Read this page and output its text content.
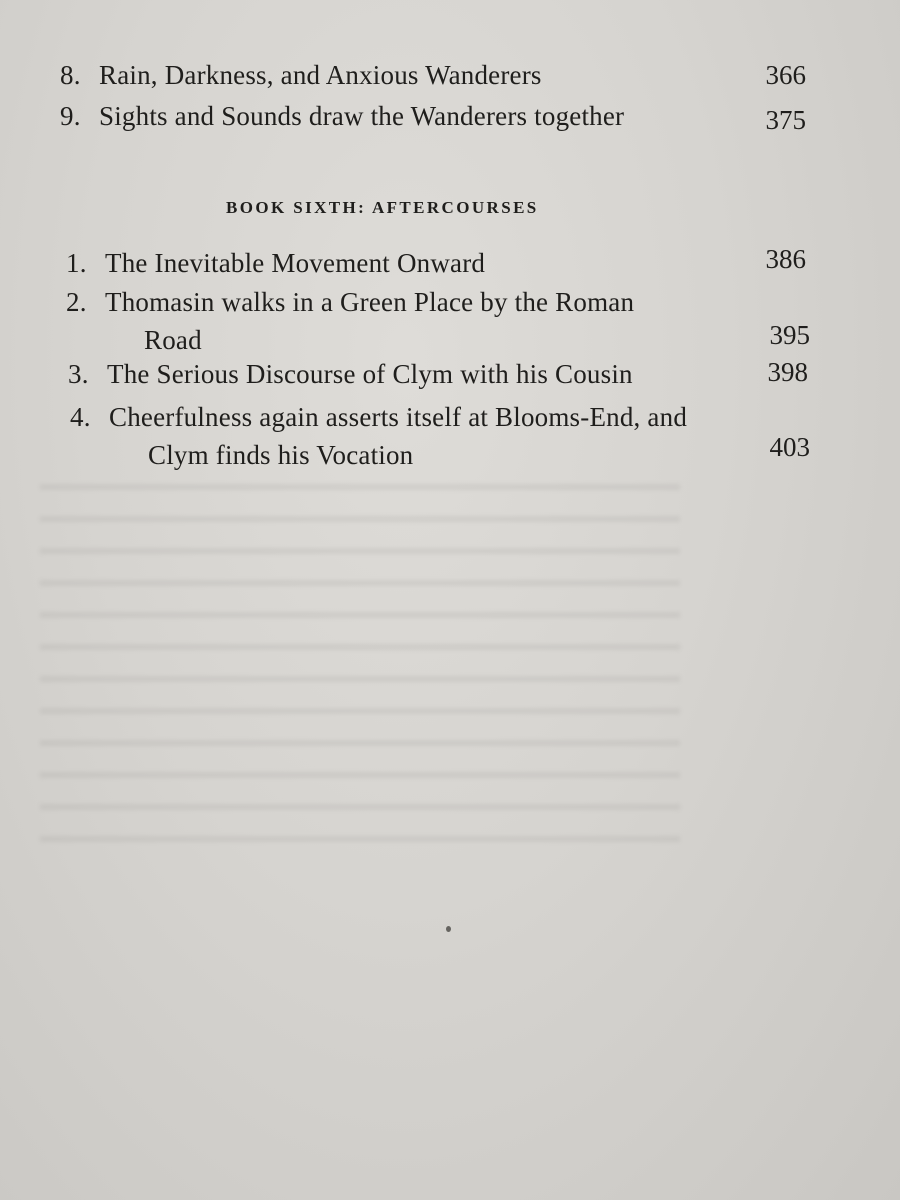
8. Rain, Darkness, and Anxious Wanderers	366
9. Sights and Sounds draw the Wanderers together	375
BOOK SIXTH: AFTERCOURSES
1. The Inevitable Movement Onward	386
2. Thomasin walks in a Green Place by the Roman
Road	395
3. The Serious Discourse of Clym with his Cousin	398
4. Cheerfulness again asserts itself at Blooms-End, and
Clym finds his Vocation	403
